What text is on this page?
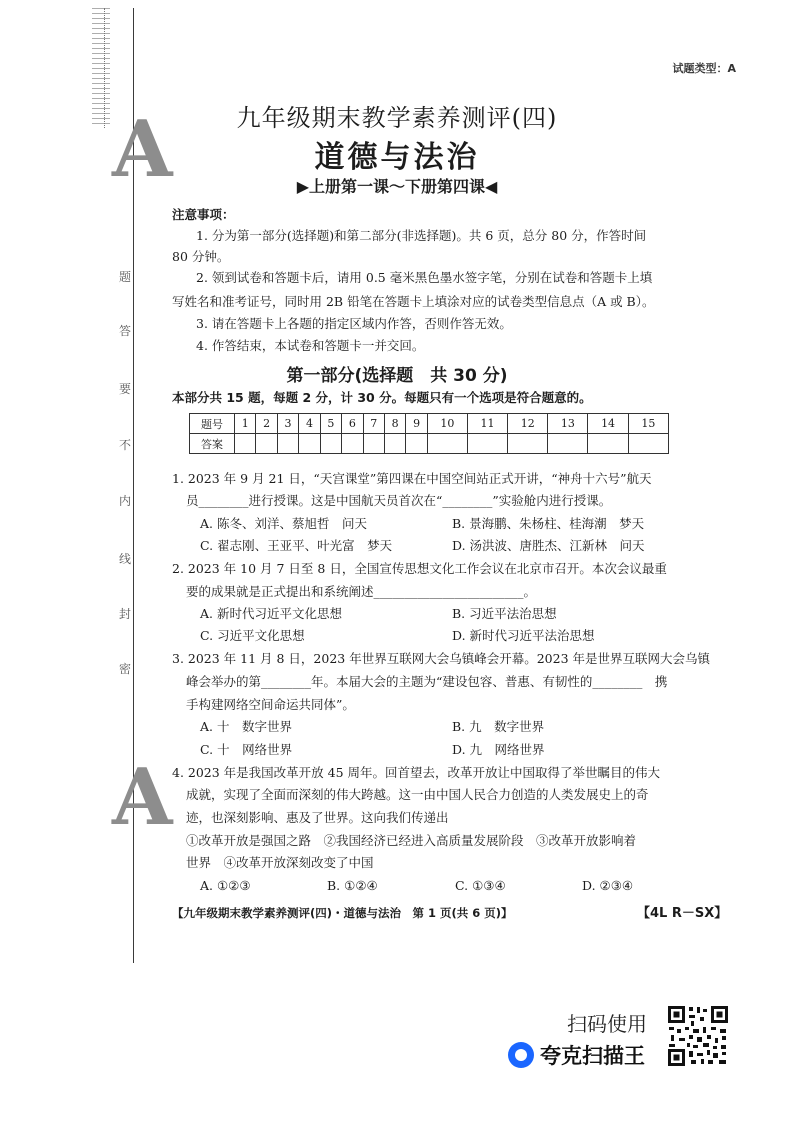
A
A
题
答
要
不
内
线
封
密
试题类型：A
九年级期末教学素养测评(四)
道德与法治
▶上册第一课～下册第四课◀
注意事项：
1. 分为第一部分(选择题)和第二部分(非选择题)。共 6 页，总分 80 分，作答时间
80 分钟。
2. 领到试卷和答题卡后，请用 0.5 毫米黑色墨水签字笔，分别在试卷和答题卡上填
写姓名和准考证号，同时用 2B 铅笔在答题卡上填涂对应的试卷类型信息点（A 或 B）。
3. 请在答题卡上各题的指定区域内作答，否则作答无效。
4. 作答结束，本试卷和答题卡一并交回。
第一部分(选择题　共 30 分)
本部分共 15 题，每题 2 分，计 30 分。每题只有一个选项是符合题意的。
题号	1	2	3	4	5	6	7	8	9	10	11	12	13	14	15
答案															
1. 2023 年 9 月 21 日，“天宫课堂”第四课在中国空间站正式开讲，“神舟十六号”航天
员________进行授课。这是中国航天员首次在“________”实验舱内进行授课。
A. 陈冬、刘洋、蔡旭哲　问天	B. 景海鹏、朱杨柱、桂海潮　梦天
C. 翟志刚、王亚平、叶光富　梦天	D. 汤洪波、唐胜杰、江新林　问天
2. 2023 年 10 月 7 日至 8 日，全国宣传思想文化工作会议在北京市召开。本次会议最重
要的成果就是正式提出和系统阐述________________________。
A. 新时代习近平文化思想	B. 习近平法治思想
C. 习近平文化思想	D. 新时代习近平法治思想
3. 2023 年 11 月 8 日，2023 年世界互联网大会乌镇峰会开幕。2023 年是世界互联网大会乌镇
峰会举办的第________年。本届大会的主题为“建设包容、普惠、有韧性的________　携
手构建网络空间命运共同体”。
A. 十　数字世界	B. 九　数字世界
C. 十　网络世界	D. 九　网络世界
4. 2023 年是我国改革开放 45 周年。回首望去，改革开放让中国取得了举世瞩目的伟大
成就，实现了全面而深刻的伟大跨越。这一由中国人民合力创造的人类发展史上的奇
迹，也深刻影响、惠及了世界。这向我们传递出
①改革开放是强国之路　②我国经济已经进入高质量发展阶段　③改革开放影响着
世界　④改革开放深刻改变了中国
A. ①②③	B. ①②④	C. ①③④	D. ②③④
【九年级期末教学素养测评(四)・道德与法治　第 1 页(共 6 页)】	【4L R－SX】
扫码使用
夸克扫描王
